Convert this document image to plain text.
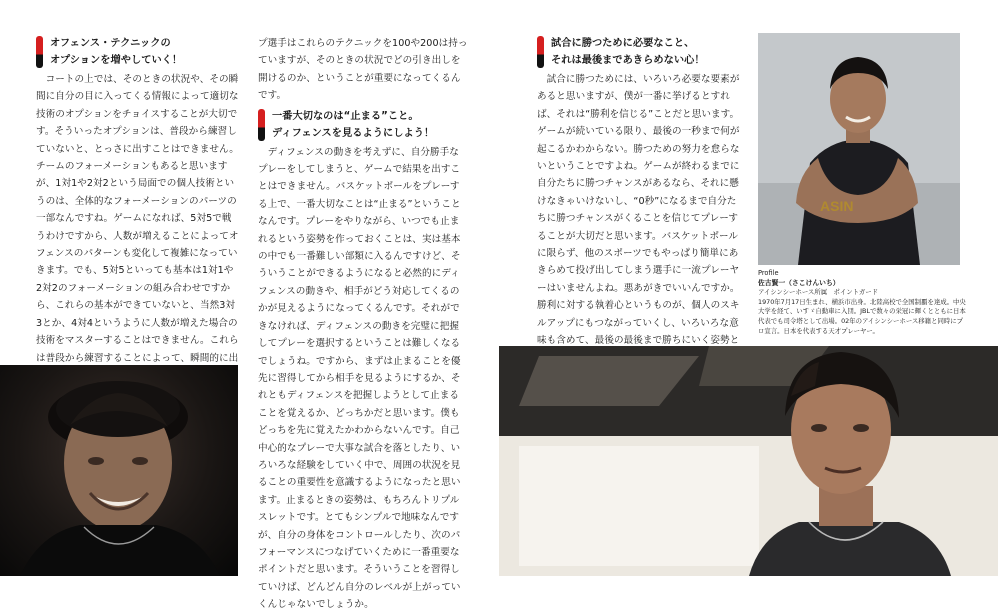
オフェンス・テクニックの
オプションを増やしていく！

コートの上では、そのときの状況や、その瞬間に自分の目に入ってくる情報によって適切な技術のオプションをチョイスすることが大切です。そういったオプションは、普段から練習していないと、とっさに出すことはできません。チームのフォーメーションもあると思いますが、1対1や2対2という局面での個人技術というのは、全体的なフォーメーションのパーツの一部なんですね。ゲームになれば、5対5で戦うわけですから、人数が増えることによってオフェンスのパターンも変化して複雑になっていきます。でも、5対5といっても基本は1対1や2対2のフォーメーションの組み合わせですから、これらの基本ができていないと、当然3対3とか、4対4というように人数が増えた場合の技術をマスターすることはできません。これらは普段から練習することによって、瞬間的に出

プ選手はこれらのテクニックを100や200は持っていますが、そのときの状況でどの引き出しを開けるのか、ということが重要になってくるんです。

一番大切なのは“止まる”こと。
ディフェンスを見るようにしよう！

ディフェンスの動きを考えずに、自分勝手なプレーをしてしまうと、ゲームで結果を出すことはできません。バスケットボールをプレーする上で、一番大切なことは“止まる”ということなんです。プレーをやりながら、いつでも止まれるという姿勢を作っておくことは、実は基本の中でも一番難しい部類に入るんですけど、そういうことができるようになると必然的にディフェンスの動きや、相手がどう対応してくるのかが見えるようになってくるんです。それができなければ、ディフェンスの動きを完璧に把握してプレーを選択するということは難しくなるでしょうね。ですから、まずは止まることを優先に習得してから相手を見るようにするか、それともディフェンスを把握しようとして止まることを覚えるか、どっちかだと思います。僕もどっちを先に覚えたかわからないんです。自己中心的なプレーで大事な試合を落としたり、いろいろな経験をしていく中で、周囲の状況を見ることの重要性を意識するようになったと思います。止まるときの姿勢は、もちろんトリプルスレットです。とてもシンプルで地味なんですが、自分の身体をコントロールしたり、次のパフォーマンスにつなげていくために一番重要なポイントだと思います。そういうことを習得していけば、どんどん自分のレベルが上がっていくんじゃないでしょうか。

試合に勝つために必要なこと、
それは最後まであきらめない心！

試合に勝つためには、いろいろ必要な要素があると思いますが、僕が一番に挙げるとすれば、それは“勝利を信じる”ことだと思います。ゲームが続いている限り、最後の一秒まで何が起こるかわからない。勝つための努力を怠らないということですよね。ゲームが終わるまでに自分たちに勝つチャンスがあるなら、それに懸けなきゃいけないし、“0秒”になるまで自分たちに勝つチャンスがくることを信じてプレーすることが大切だと思います。バスケットボールに限らず、他のスポーツでもやっぱり簡単にあきらめて投げ出してしまう選手に一流プレーヤーはいませんよね。悪あがきでいいんですか。勝利に対する執着心というものが、個人のスキルアップにもつながっていくし、いろいろな意味も含めて、最後の最後まで勝ちにいく姿勢と

ASIN
Profile
佐古賢一（さこけんいち）
アイシンシーホース所属　ポイントガード
1970年7月17日生まれ、横浜市出身。北陸高校で全国制覇を達成。中央大学を経て、いすゞ自動車に入団。JBLで数々の栄冠に輝くとともに日本代表でも司令塔として出場。02年のアイシンシーホース移籍と同時にプロ宣言。日本を代表する天才プレーヤー。
